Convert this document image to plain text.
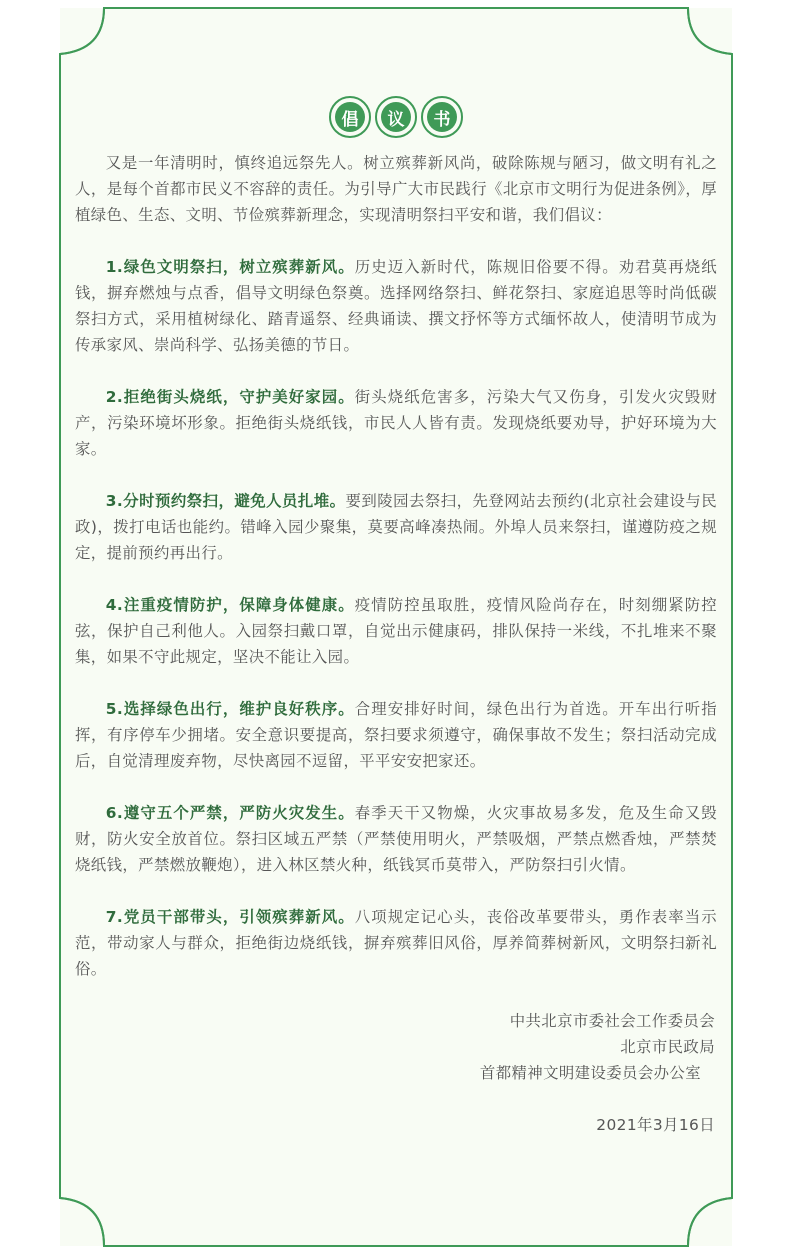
倡	议	书

又是一年清明时，慎终追远祭先人。树立殡葬新风尚，破除陈规与陋习，做文明有礼之人，是每个首都市民义不容辞的责任。为引导广大市民践行《北京市文明行为促进条例》，厚植绿色、生态、文明、节俭殡葬新理念，实现清明祭扫平安和谐，我们倡议：

1.绿色文明祭扫，树立殡葬新风。历史迈入新时代，陈规旧俗要不得。劝君莫再烧纸钱，摒弃燃烛与点香，倡导文明绿色祭奠。选择网络祭扫、鲜花祭扫、家庭追思等时尚低碳祭扫方式，采用植树绿化、踏青遥祭、经典诵读、撰文抒怀等方式缅怀故人，使清明节成为传承家风、崇尚科学、弘扬美德的节日。

2.拒绝街头烧纸，守护美好家园。街头烧纸危害多，污染大气又伤身，引发火灾毁财产，污染环境坏形象。拒绝街头烧纸钱，市民人人皆有责。发现烧纸要劝导，护好环境为大家。

3.分时预约祭扫，避免人员扎堆。要到陵园去祭扫，先登网站去预约(北京社会建设与民政)，拨打电话也能约。错峰入园少聚集，莫要高峰凑热闹。外埠人员来祭扫，谨遵防疫之规定，提前预约再出行。

4.注重疫情防护，保障身体健康。疫情防控虽取胜，疫情风险尚存在，时刻绷紧防控弦，保护自己利他人。入园祭扫戴口罩，自觉出示健康码，排队保持一米线，不扎堆来不聚集，如果不守此规定，坚决不能让入园。

5.选择绿色出行，维护良好秩序。合理安排好时间，绿色出行为首选。开车出行听指挥，有序停车少拥堵。安全意识要提高，祭扫要求须遵守，确保事故不发生；祭扫活动完成后，自觉清理废弃物，尽快离园不逗留，平平安安把家还。

6.遵守五个严禁，严防火灾发生。春季天干又物燥，火灾事故易多发，危及生命又毁财，防火安全放首位。祭扫区域五严禁（严禁使用明火，严禁吸烟，严禁点燃香烛，严禁焚烧纸钱，严禁燃放鞭炮），进入林区禁火种，纸钱冥币莫带入，严防祭扫引火情。

7.党员干部带头，引领殡葬新风。八项规定记心头，丧俗改革要带头，勇作表率当示范，带动家人与群众，拒绝街边烧纸钱，摒弃殡葬旧风俗，厚养简葬树新风，文明祭扫新礼俗。

中共北京市委社会工作委员会
北京市民政局
首都精神文明建设委员会办公室
2021年3月16日
